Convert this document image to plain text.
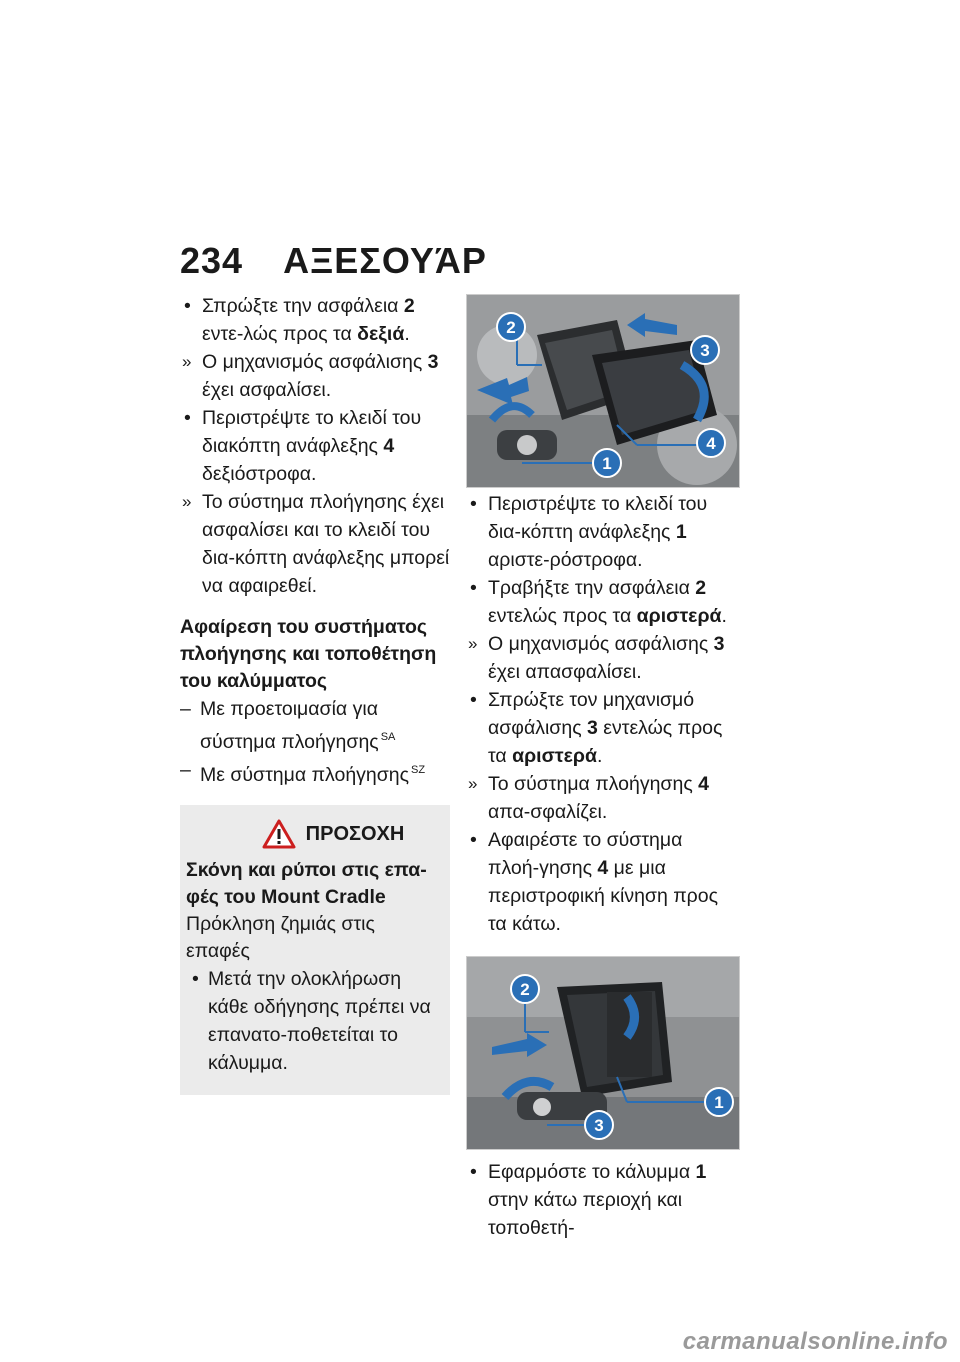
234 ΑΞΕΣΟΥΆΡ

• Σπρώξτε την ασφάλεια 2 εντε-λώς προς τα δεξιά.

» Ο μηχανισμός ασφάλισης 3 έχει ασφαλίσει.

• Περιστρέψτε το κλειδί του διακόπτη ανάφλεξης 4 δεξιόστροφα.

» Το σύστημα πλοήγησης έχει ασφαλίσει και το κλειδί του δια-κόπτη ανάφλεξης μπορεί να αφαιρεθεί.

Αφαίρεση του συστήματος πλοήγησης και τοποθέτηση του καλύμματος
– Με προετοιμασία για σύστημα πλοήγησης $^{SA}$
– Με σύστημα πλοήγησης $^{SZ}$
ΠΡΟΣΟΧΗ
Σκόνη και ρύποι στις επα-φές του Mount Cradle
Πρόκληση ζημιάς στις επαφές
• Μετά την ολοκλήρωση κάθε οδήγησης πρέπει να επανατο-ποθετείται το κάλυμμα.
2
3
1
4

• Περιστρέψτε το κλειδί του δια-κόπτη ανάφλεξης 1 αριστε-ρόστροφα.

• Τραβήξτε την ασφάλεια 2 εντελώς προς τα αριστερά.

» Ο μηχανισμός ασφάλισης 3 έχει απασφαλίσει.

• Σπρώξτε τον μηχανισμό ασφάλισης 3 εντελώς προς τα αριστερά.

» Το σύστημα πλοήγησης 4 απα-σφαλίζει.

• Αφαιρέστε το σύστημα πλοή-γησης 4 με μια περιστροφική κίνηση προς τα κάτω.

2
1
3

• Εφαρμόστε το κάλυμμα 1 στην κάτω περιοχή και τοποθετή-

carmanualsonline.info
